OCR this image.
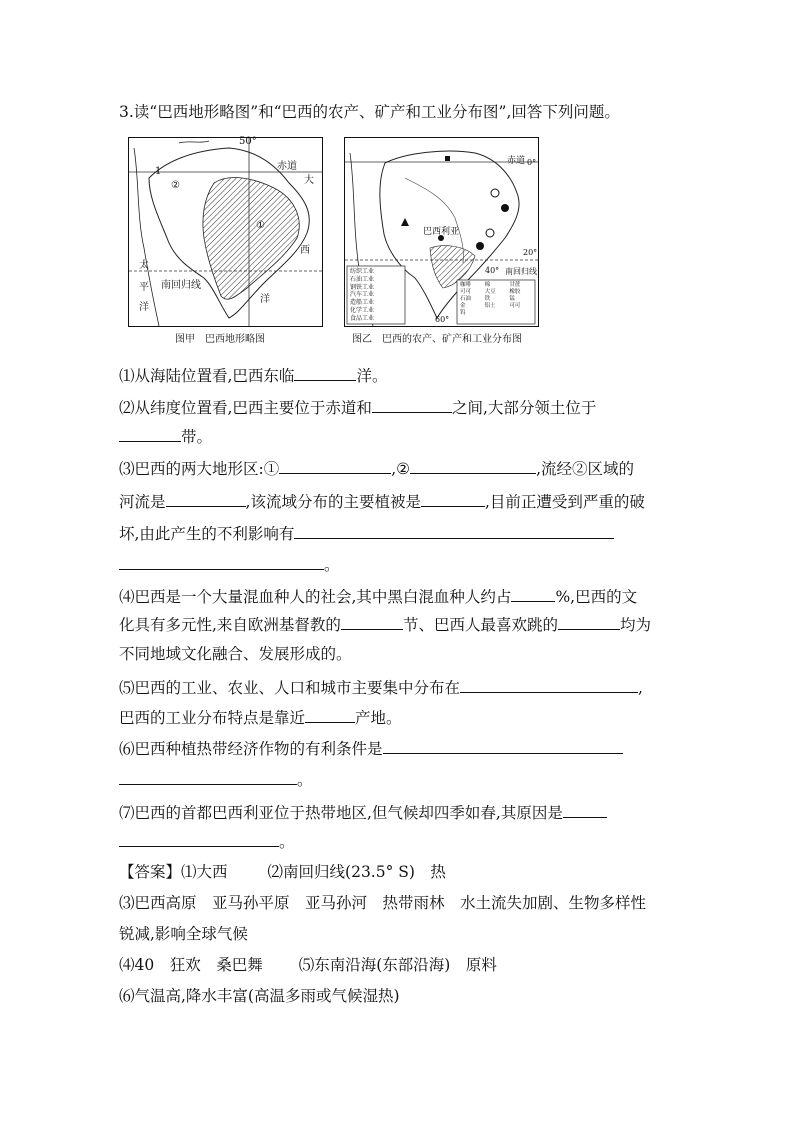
3.读“巴西地形略图”和“巴西的农产、矿产和工业分布图”,回答下列问题。
50°
赤道
1
②
①
大
西
洋
太
平
洋
南回归线
图甲　巴西地形略图
赤道 0°
巴西利亚
20°
40° 南回归线
60°
纺织工业
石油工业
钢铁工业
汽车工业
造船工业
化学工业
食品工业
咖啡	棉	甘蔗
可可	大豆	橡胶
石油	铁	锰
金	铝土	可可
钨
图乙　巴西的农产、矿产和工业分布图
⑴从海陆位置看,巴西东临	洋。
⑵从纬度位置看,巴西主要位于赤道和	之间,大部分领土位于
带。
⑶巴西的两大地形区:①	,②	,流经②区域的
河流是	,该流域分布的主要植被是	,目前正遭受到严重的破
坏,由此产生的不利影响有
。
⑷巴西是一个大量混血种人的社会,其中黑白混血种人约占	%,巴西的文
化具有多元性,来自欧洲基督教的	节、巴西人最喜欢跳的	均为
不同地域文化融合、发展形成的。
⑸巴西的工业、农业、人口和城市主要集中分布在	,
巴西的工业分布特点是靠近	产地。
⑹巴西种植热带经济作物的有利条件是
。
⑺巴西的首都巴西利亚位于热带地区,但气候却四季如春,其原因是
。
【答案】⑴大西	⑵南回归线(23.5° S)　热
⑶巴西高原　亚马孙平原　亚马孙河　热带雨林　水土流失加剧、生物多样性
锐减,影响全球气候
⑷40　狂欢　桑巴舞 ⑸东南沿海(东部沿海)　原料
⑹气温高,降水丰富(高温多雨或气候湿热)
